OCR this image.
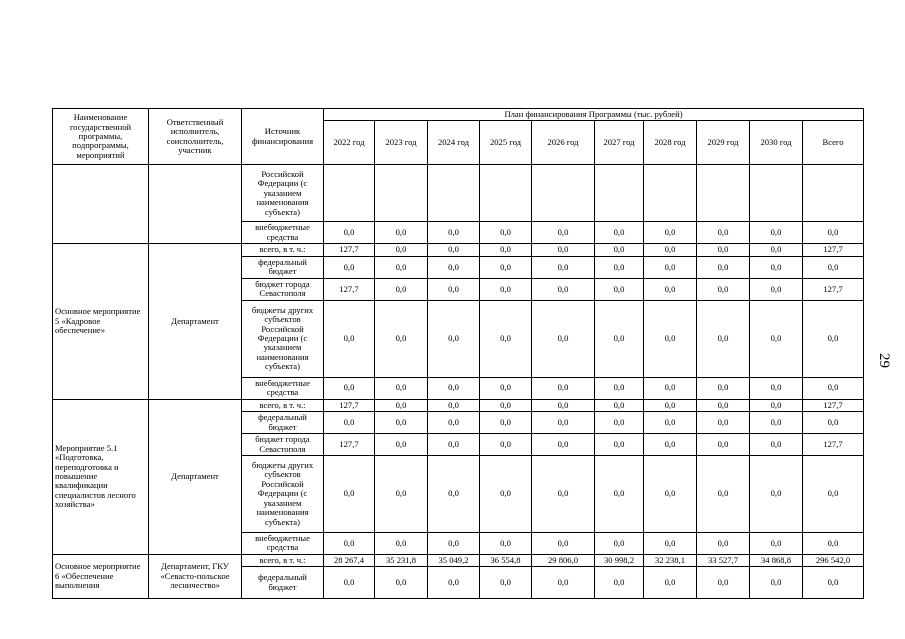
Наименование государственной программы, подпрограммы, мероприятий	Ответственный исполнитель, соисполнитель, участник	Источник финансирования	План финансирования Программы (тыс. рублей)									
			2022 год	2023 год	2024 год	2025 год	2026 год	2027 год	2028 год	2029 год	2030 год	Всего
		Российской Федерации (с указанием наименования субъекта)										
		внебюджетные средства	0,0	0,0	0,0	0,0	0,0	0,0	0,0	0,0	0,0	0,0
Основное мероприятие 5 «Кадровое обеспечение»	Департамент	всего, в т. ч.:	127,7	0,0	0,0	0,0	0,0	0,0	0,0	0,0	0,0	127,7
		федеральный бюджет	0,0	0,0	0,0	0,0	0,0	0,0	0,0	0,0	0,0	0,0
		бюджет города Севастополя	127,7	0,0	0,0	0,0	0,0	0,0	0,0	0,0	0,0	127,7
		бюджеты других субъектов Российской Федерации (с указанием наименования субъекта)	0,0	0,0	0,0	0,0	0,0	0,0	0,0	0,0	0,0	0,0
		внебюджетные средства	0,0	0,0	0,0	0,0	0,0	0,0	0,0	0,0	0,0	0,0
Мероприятие 5.1 «Подготовка, переподготовка и повышение квалификации специалистов лесного хозяйства»	Департамент	всего, в т. ч.:	127,7	0,0	0,0	0,0	0,0	0,0	0,0	0,0	0,0	127,7
		федеральный бюджет	0,0	0,0	0,0	0,0	0,0	0,0	0,0	0,0	0,0	0,0
		бюджет города Севастополя	127,7	0,0	0,0	0,0	0,0	0,0	0,0	0,0	0,0	127,7
		бюджеты других субъектов Российской Федерации (с указанием наименования субъекта)	0,0	0,0	0,0	0,0	0,0	0,0	0,0	0,0	0,0	0,0
		внебюджетные средства	0,0	0,0	0,0	0,0	0,0	0,0	0,0	0,0	0,0	0,0
Основное мероприятие 6 «Обеспечение выполнения	Департамент, ГКУ «Севасто-польское лесничество»	всего, в т. ч.:	28 267,4	35 231,8	35 049,2	36 554,8	29 806,0	30 998,2	32 238,1	33 527,7	34 868,8	296 542,0
		федеральный бюджет	0,0	0,0	0,0	0,0	0,0	0,0	0,0	0,0	0,0	0,0
29
